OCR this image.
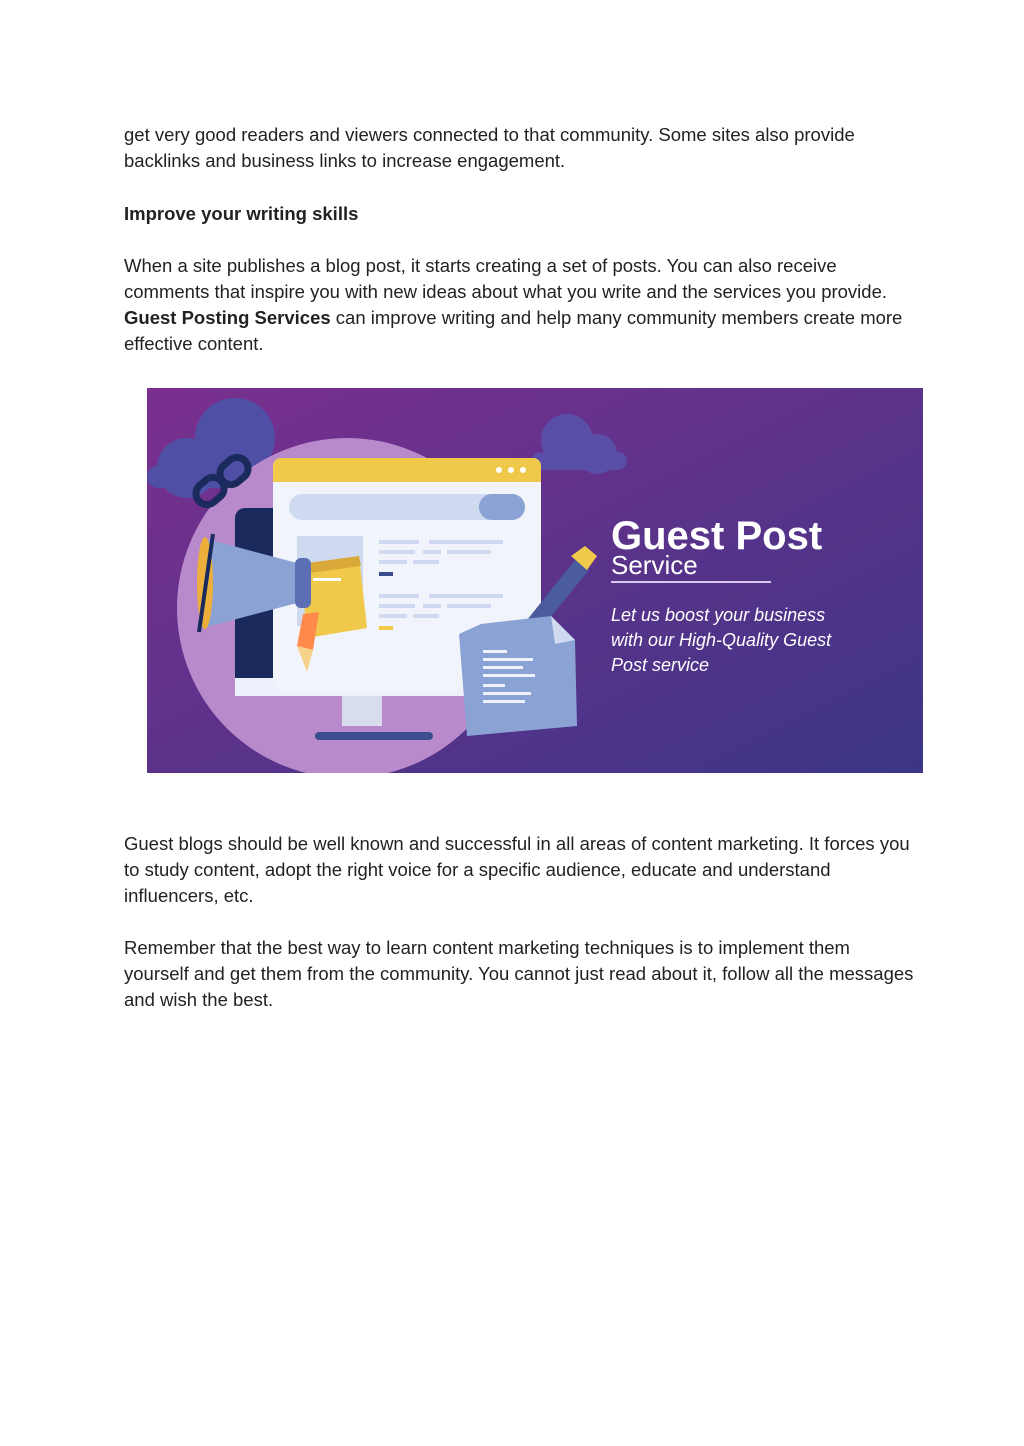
get very good readers and viewers connected to that community. Some sites also provide backlinks and business links to increase engagement.

Improve your writing skills

When a site publishes a blog post, it starts creating a set of posts. You can also receive comments that inspire you with new ideas about what you write and the services you provide. Guest Posting Services can improve writing and help many community members create more effective content.

Guest Post
Service
Let us boost your business
with our High-Quality Guest
Post service

Guest blogs should be well known and successful in all areas of content marketing. It forces you to study content, adopt the right voice for a specific audience, educate and understand influencers, etc.

Remember that the best way to learn content marketing techniques is to implement them yourself and get them from the community. You cannot just read about it, follow all the messages and wish the best.
